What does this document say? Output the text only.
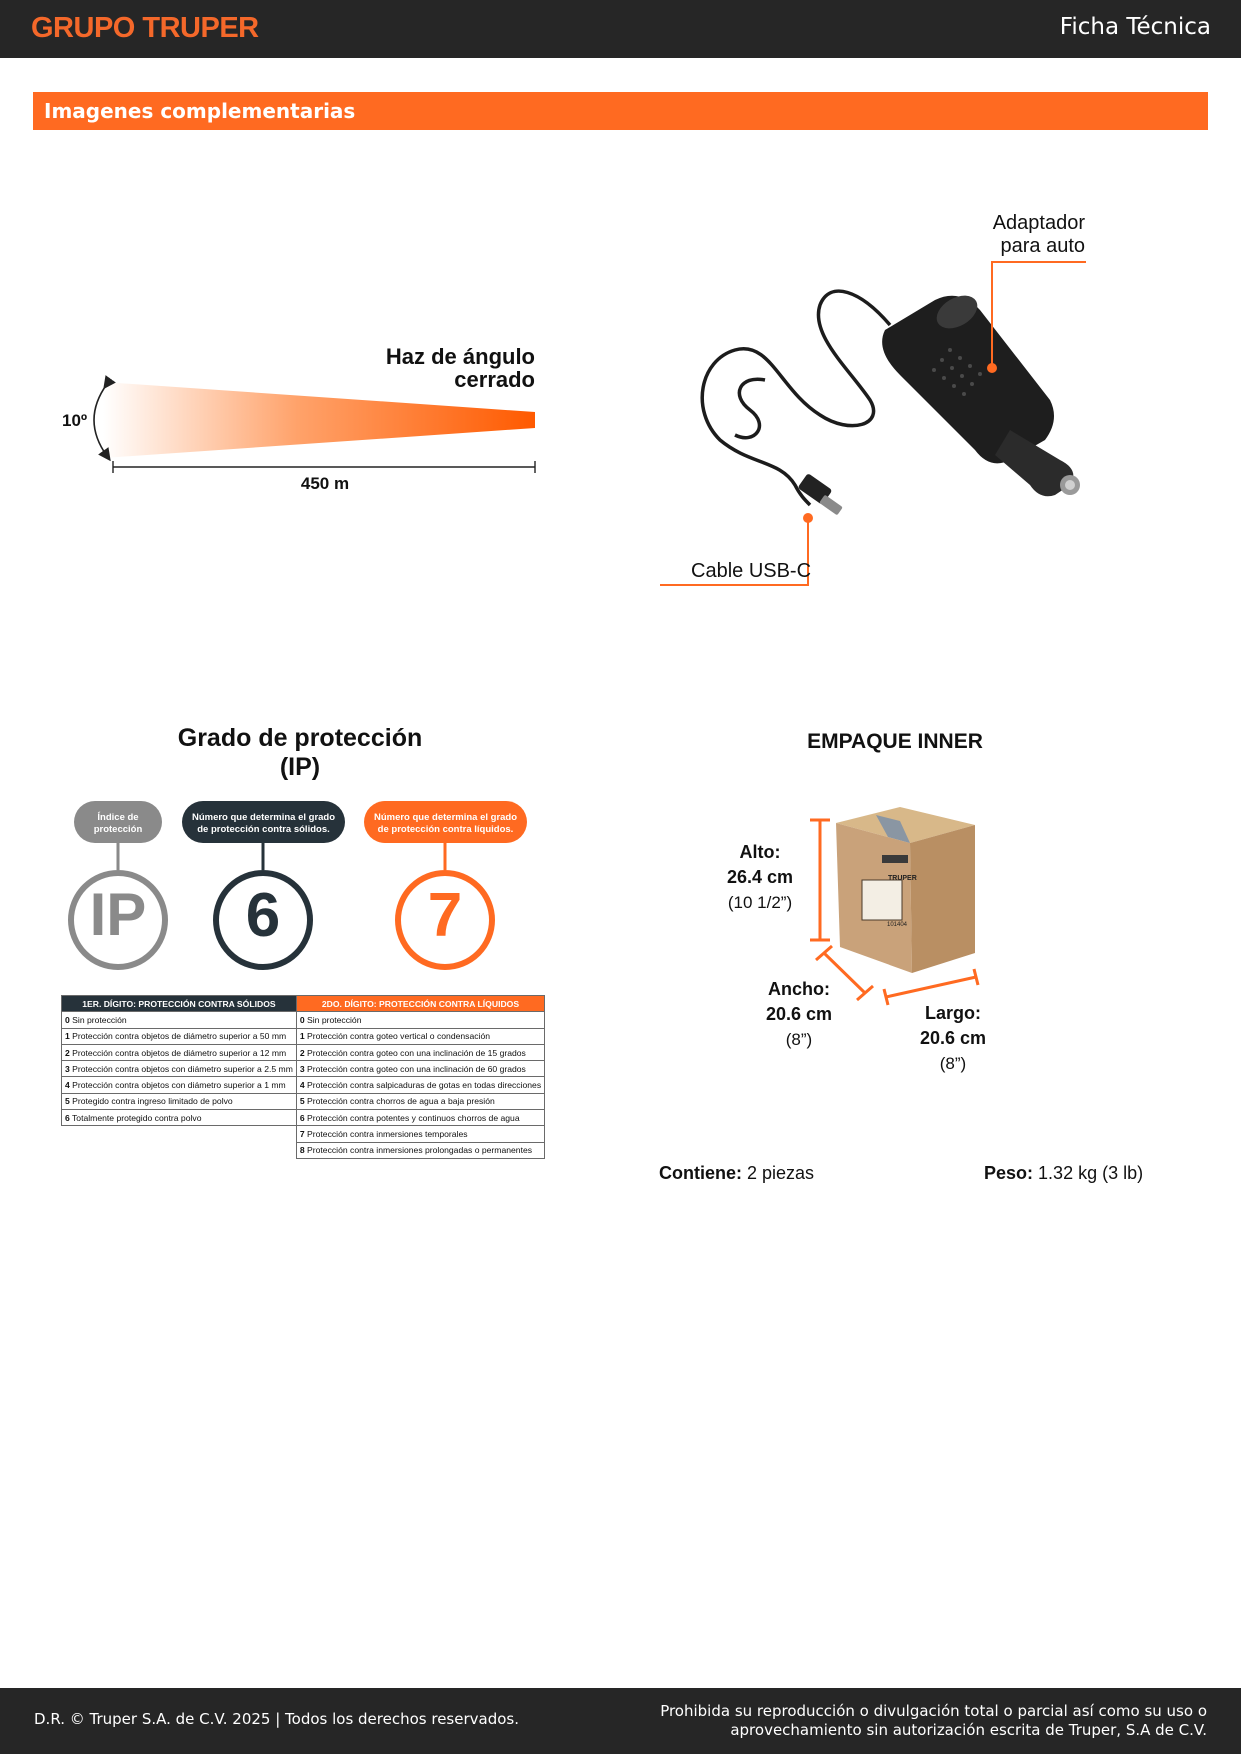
GRUPO TRUPER	Ficha Técnica
Imagenes complementarias
10º
450 m
Haz de ángulo
cerrado
Adaptador
para auto
Cable USB-C
Grado de protección (IP)
Índice de
protección
Número que determina el grado
de protección contra sólidos.
Número que determina el grado
de protección contra líquidos.
IP	6	7
1ER. DÍGITO: PROTECCIÓN CONTRA SÓLIDOS	2DO. DÍGITO: PROTECCIÓN CONTRA LÍQUIDOS
0 Sin protección	0 Sin protección
1 Protección contra objetos de diámetro superior a 50 mm	1 Protección contra goteo vertical o condensación
2 Protección contra objetos de diámetro superior a 12 mm	2 Protección contra goteo con una inclinación de 15 grados
3 Protección contra objetos con diámetro superior a 2.5 mm	3 Protección contra goteo con una inclinación de 60 grados
4 Protección contra objetos con diámetro superior a 1 mm	4 Protección contra salpicaduras de gotas en todas direcciones
5 Protegido contra ingreso limitado de polvo	5 Protección contra chorros de agua a baja presión
6 Totalmente protegido contra polvo	6 Protección contra potentes y continuos chorros de agua
	7 Protección contra inmersiones temporales
	8 Protección contra inmersiones prolongadas o permanentes
EMPAQUE INNER
TRUPER
101404
Alto:
26.4 cm
(10 1/2”)
Ancho:
20.6 cm
(8”)
Largo:
20.6 cm
(8”)
Contiene: 2 piezas	Peso: 1.32 kg (3 lb)
D.R. © Truper S.A. de C.V. 2025 | Todos los derechos reservados.	Prohibida su reproducción o divulgación total o parcial así como su uso o
aprovechamiento sin autorización escrita de Truper, S.A de C.V.
